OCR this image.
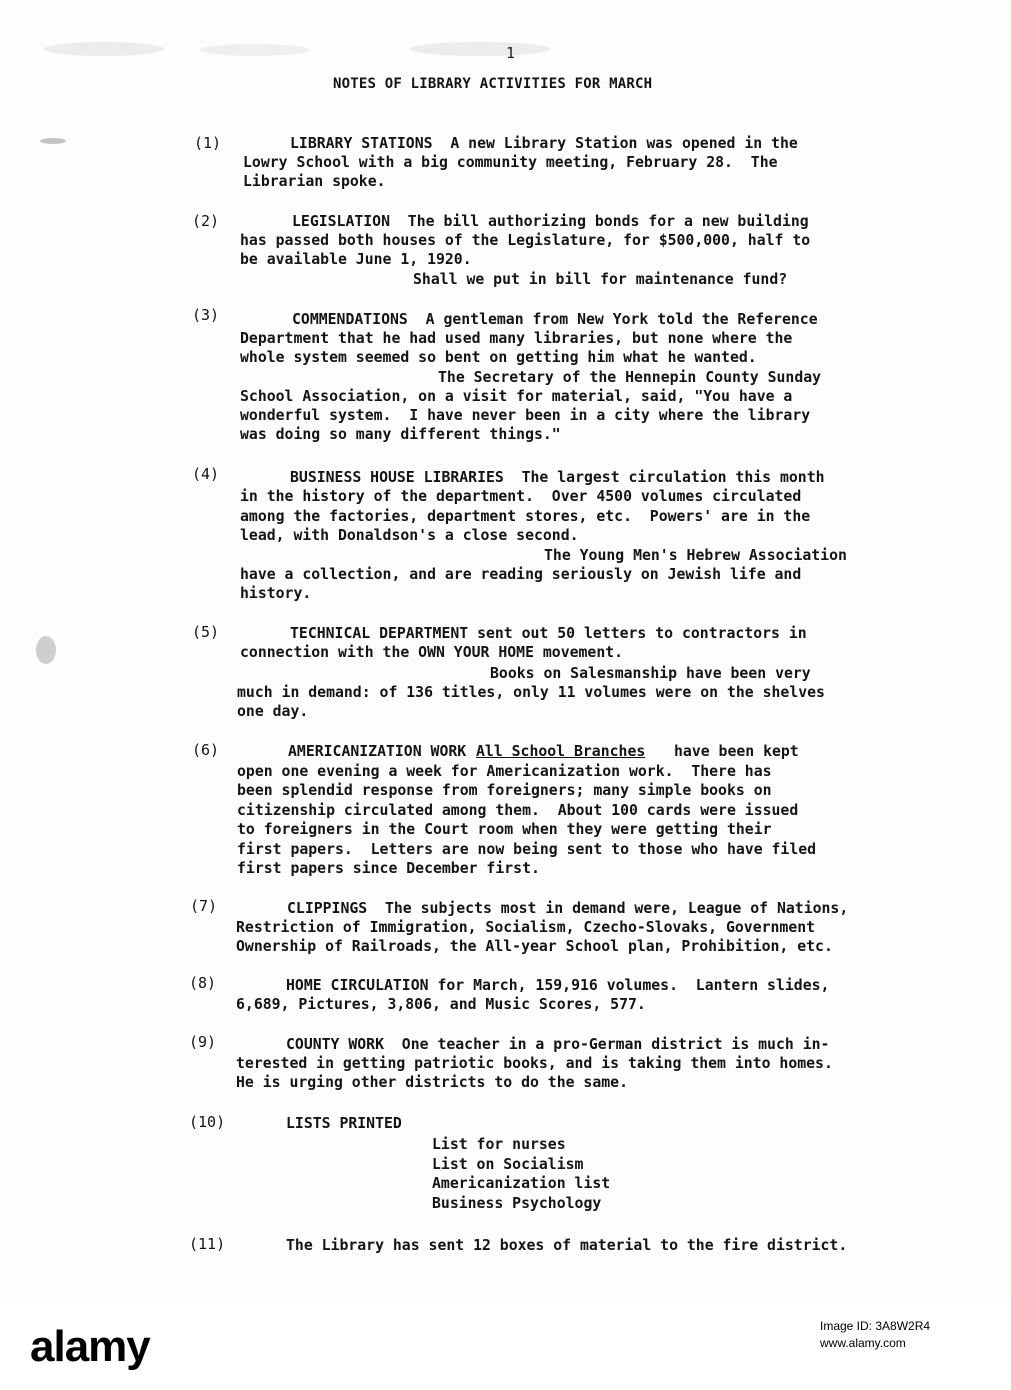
1
NOTES OF LIBRARY ACTIVITIES FOR MARCH
(1)	LIBRARY STATIONS  A new Library Station was opened in the
Lowry School with a big community meeting, February 28.  The
Librarian spoke.
(2)	LEGISLATION  The bill authorizing bonds for a new building
has passed both houses of the Legislature, for $500,000, half to
be available June 1, 1920.
Shall we put in bill for maintenance fund?
(3)	COMMENDATIONS  A gentleman from New York told the Reference
Department that he had used many libraries, but none where the
whole system seemed so bent on getting him what he wanted.
The Secretary of the Hennepin County Sunday
School Association, on a visit for material, said, "You have a
wonderful system.  I have never been in a city where the library
was doing so many different things."
(4)	BUSINESS HOUSE LIBRARIES  The largest circulation this month
in the history of the department.  Over 4500 volumes circulated
among the factories, department stores, etc.  Powers' are in the
lead, with Donaldson's a close second.
The Young Men's Hebrew Association
have a collection, and are reading seriously on Jewish life and
history.
(5)	TECHNICAL DEPARTMENT sent out 50 letters to contractors in
connection with the OWN YOUR HOME movement.
Books on Salesmanship have been very
much in demand: of 136 titles, only 11 volumes were on the shelves
one day.
(6)	AMERICANIZATION WORK All School Branches have been kept
open one evening a week for Americanization work.  There has
been splendid response from foreigners; many simple books on
citizenship circulated among them.  About 100 cards were issued
to foreigners in the Court room when they were getting their
first papers.  Letters are now being sent to those who have filed
first papers since December first.
(7)	CLIPPINGS  The subjects most in demand were, League of Nations,
Restriction of Immigration, Socialism, Czecho-Slovaks, Government
Ownership of Railroads, the All-year School plan, Prohibition, etc.
(8)	HOME CIRCULATION for March, 159,916 volumes.  Lantern slides,
6,689, Pictures, 3,806, and Music Scores, 577.
(9)	COUNTY WORK  One teacher in a pro-German district is much in-
terested in getting patriotic books, and is taking them into homes.
He is urging other districts to do the same.
(10)	LISTS PRINTED
List for nurses
List on Socialism
Americanization list
Business Psychology
(11)	The Library has sent 12 boxes of material to the fire district.
alamy	Image ID: 3A8W2R4
www.alamy.com
